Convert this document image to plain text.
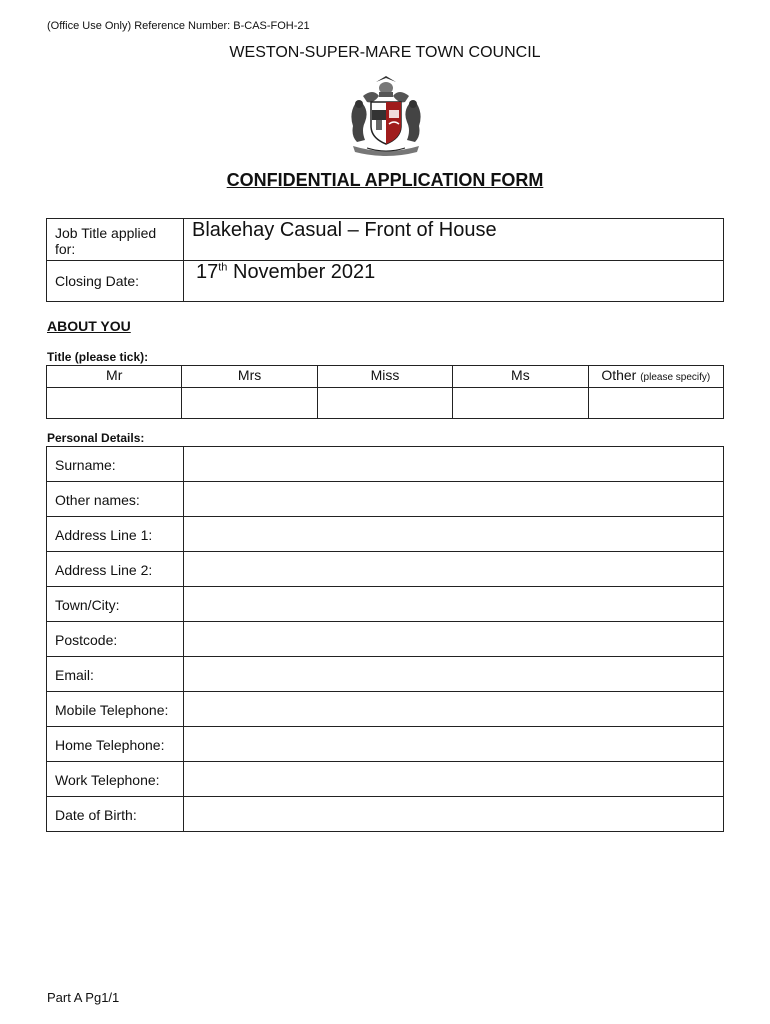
(Office Use Only) Reference Number: B-CAS-FOH-21
WESTON-SUPER-MARE TOWN COUNCIL
CONFIDENTIAL APPLICATION FORM
Job Title applied for:	Blakehay Casual – Front of House
Closing Date:	17th November 2021
ABOUT YOU
Title (please tick):
Mr	Mrs	Miss	Ms	Other (please specify)

Personal Details:
Surname:	
Other names:	
Address Line 1:	
Address Line 2:	
Town/City:	
Postcode:	
Email:	
Mobile Telephone:	
Home Telephone:	
Work Telephone:	
Date of Birth:	
Part A Pg1/1
